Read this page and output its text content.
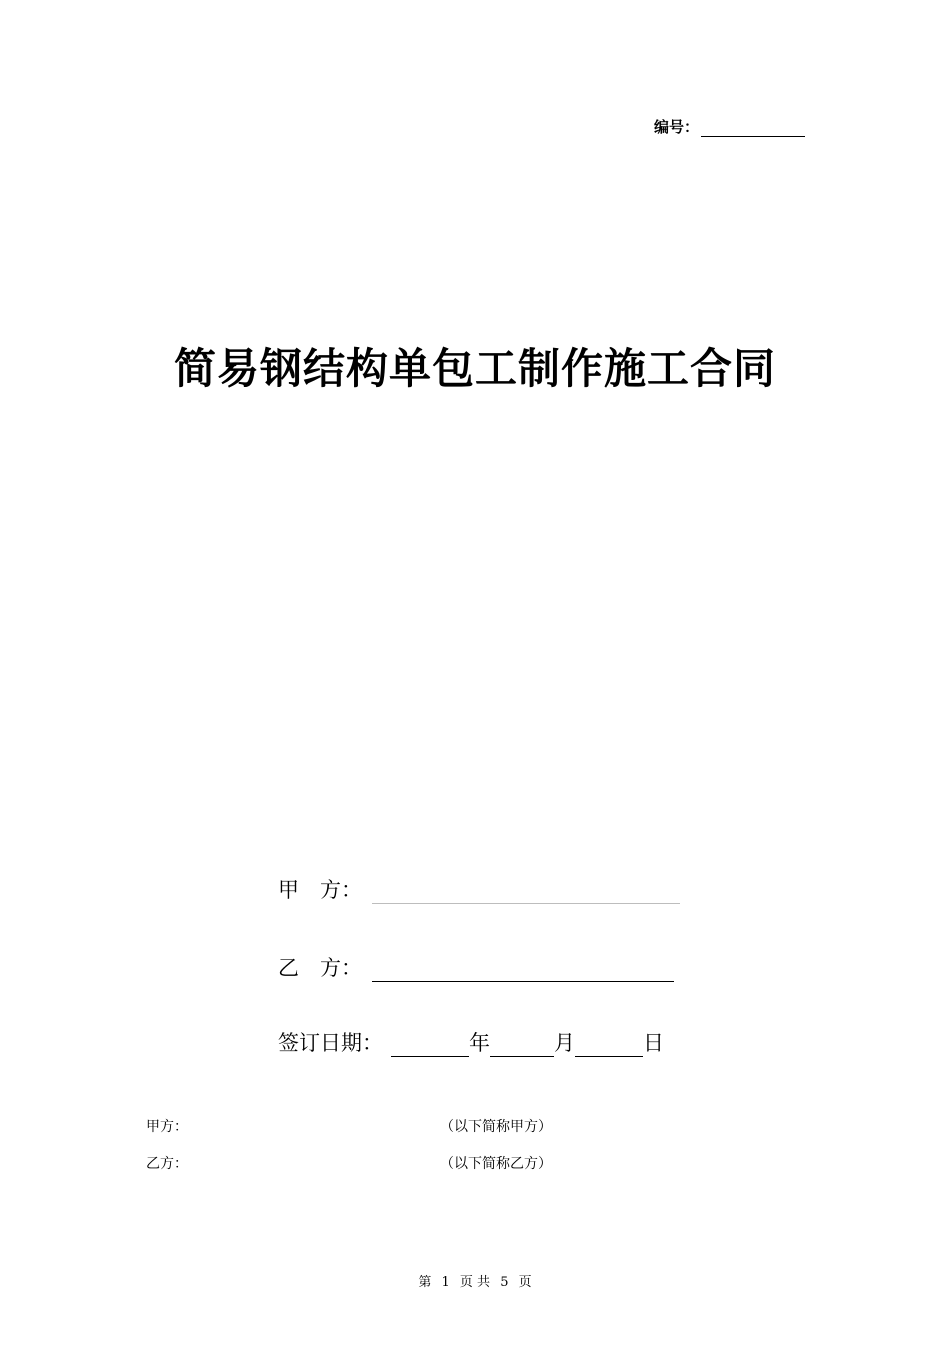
编号：
简易钢结构单包工制作施工合同
甲　方：
乙　方：
签订日期：	年	月	日
甲方：	（以下简称甲方）
乙方：	（以下简称乙方）
第 1 页 共 5 页
